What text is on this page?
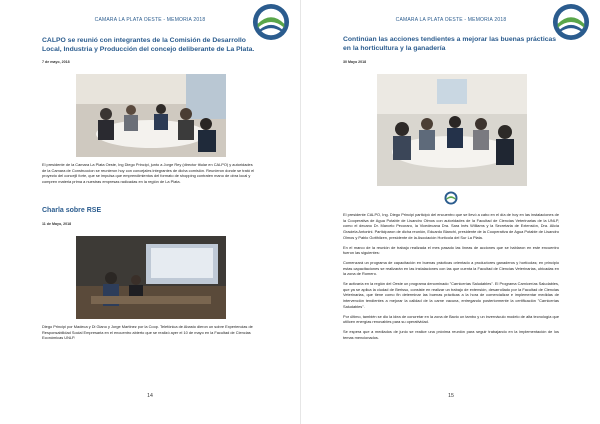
CAMARA LA PLATA OESTE - MEMORIA 2018
CALPO se reunió con integrantes de la Comisión de Desarrollo Local, Industria y Producción del concejo deliberante de La Plata.
7 de mayo, 2018
El presidente de la Camara La Plata Oeste, Ing Diego Principi, junto a Jorge Rey (director titular en CALPO) y autoridades de la Camara de Construccion se reunieron hoy con concejales integrantes de dicha comisión. Reunieron donde se trató el proyecto del concejil forte, que se impulsa que emprendimientos del formato de shopping contraten mano de obra local y compren materia prima a nuestras empresas radicadas en la región de La Plata.
Charla sobre RSE
11 de Mayo, 2018
Diego Principi por Madeca y Di Giano y Jorge Martinez por la Coop. Telefónica de Abasto dieron un sobre Experiencias de Responsabilidad Social Empresaria en el encuentro abierto que se realizó ayer el 10 de mayo en la Facultad de Ciencias Económicas UNLP.
14
CAMARA LA PLATA OESTE - MEMORIA 2018
Continúan las acciones tendientes a mejorar las buenas prácticas en la horticultura y la ganadería
30 Mayo 2018

El presidente CALPO, Ing. Diego Principi participó del encuentro que se llevó a cabo en el día de hoy en las instalaciones de la Cooperativa de Agua Potable de Lisandro Olmos con autoridades de la Facultad de Ciencias Veterinarias de la UNLP, como el decano Dr. Marcelo Pecoraro, la Vicedecana Dra. Sara Inés Williams y la Secretaria de Extensión, Dra. Alicia Graciela Antonini. Participaron de dicha reunión, Eduardo Bianchi, presidente de la Cooperativa de Agua Potable de Lisandro Olmos y Pablo Gotthilzen, presidente de la Asociación Hortícola del Sur La Plata.

En el marco de la reunión de trabajo realizada el mes pasado las líneas de acciones que se hablaron en este encuentro fueron las siguientes:

Comenzará un programa de capacitación en buenas prácticas orientado a productores ganaderos y hortícolas; en principio estas capacitaciones se realizarán en las instalaciones con las que cuenta la Facultad de Ciencias Veterinarias, ubicadas en la zona de Romero.

Se activaría en la región del Oeste un programa denominado "Carnicerías Saludables". El Programa Carnicerías Saludables, que ya se aplica la ciudad de Berisso, consiste en realizar un trabajo de extensión, desarrollado por la Facultad de Ciencias Veterinarias, que tiene como fin determinar las buenas prácticas a la hora de comercializar e implementar medidas de intervención tendientes a mejorar la calidad de la carne vacuna, entregando posteriormente la certificación "Carnicerías Saludables".

Por último, también se dio la idea de concretar en la zona de Bavio un tambo y un invernáculo modelo de alta tecnología que utilicen energías renovables para su operatividad.

Se espera que a mediados de junio se realice una próxima reunión para seguir trabajando en la implementación de los temas mencionados.

15
